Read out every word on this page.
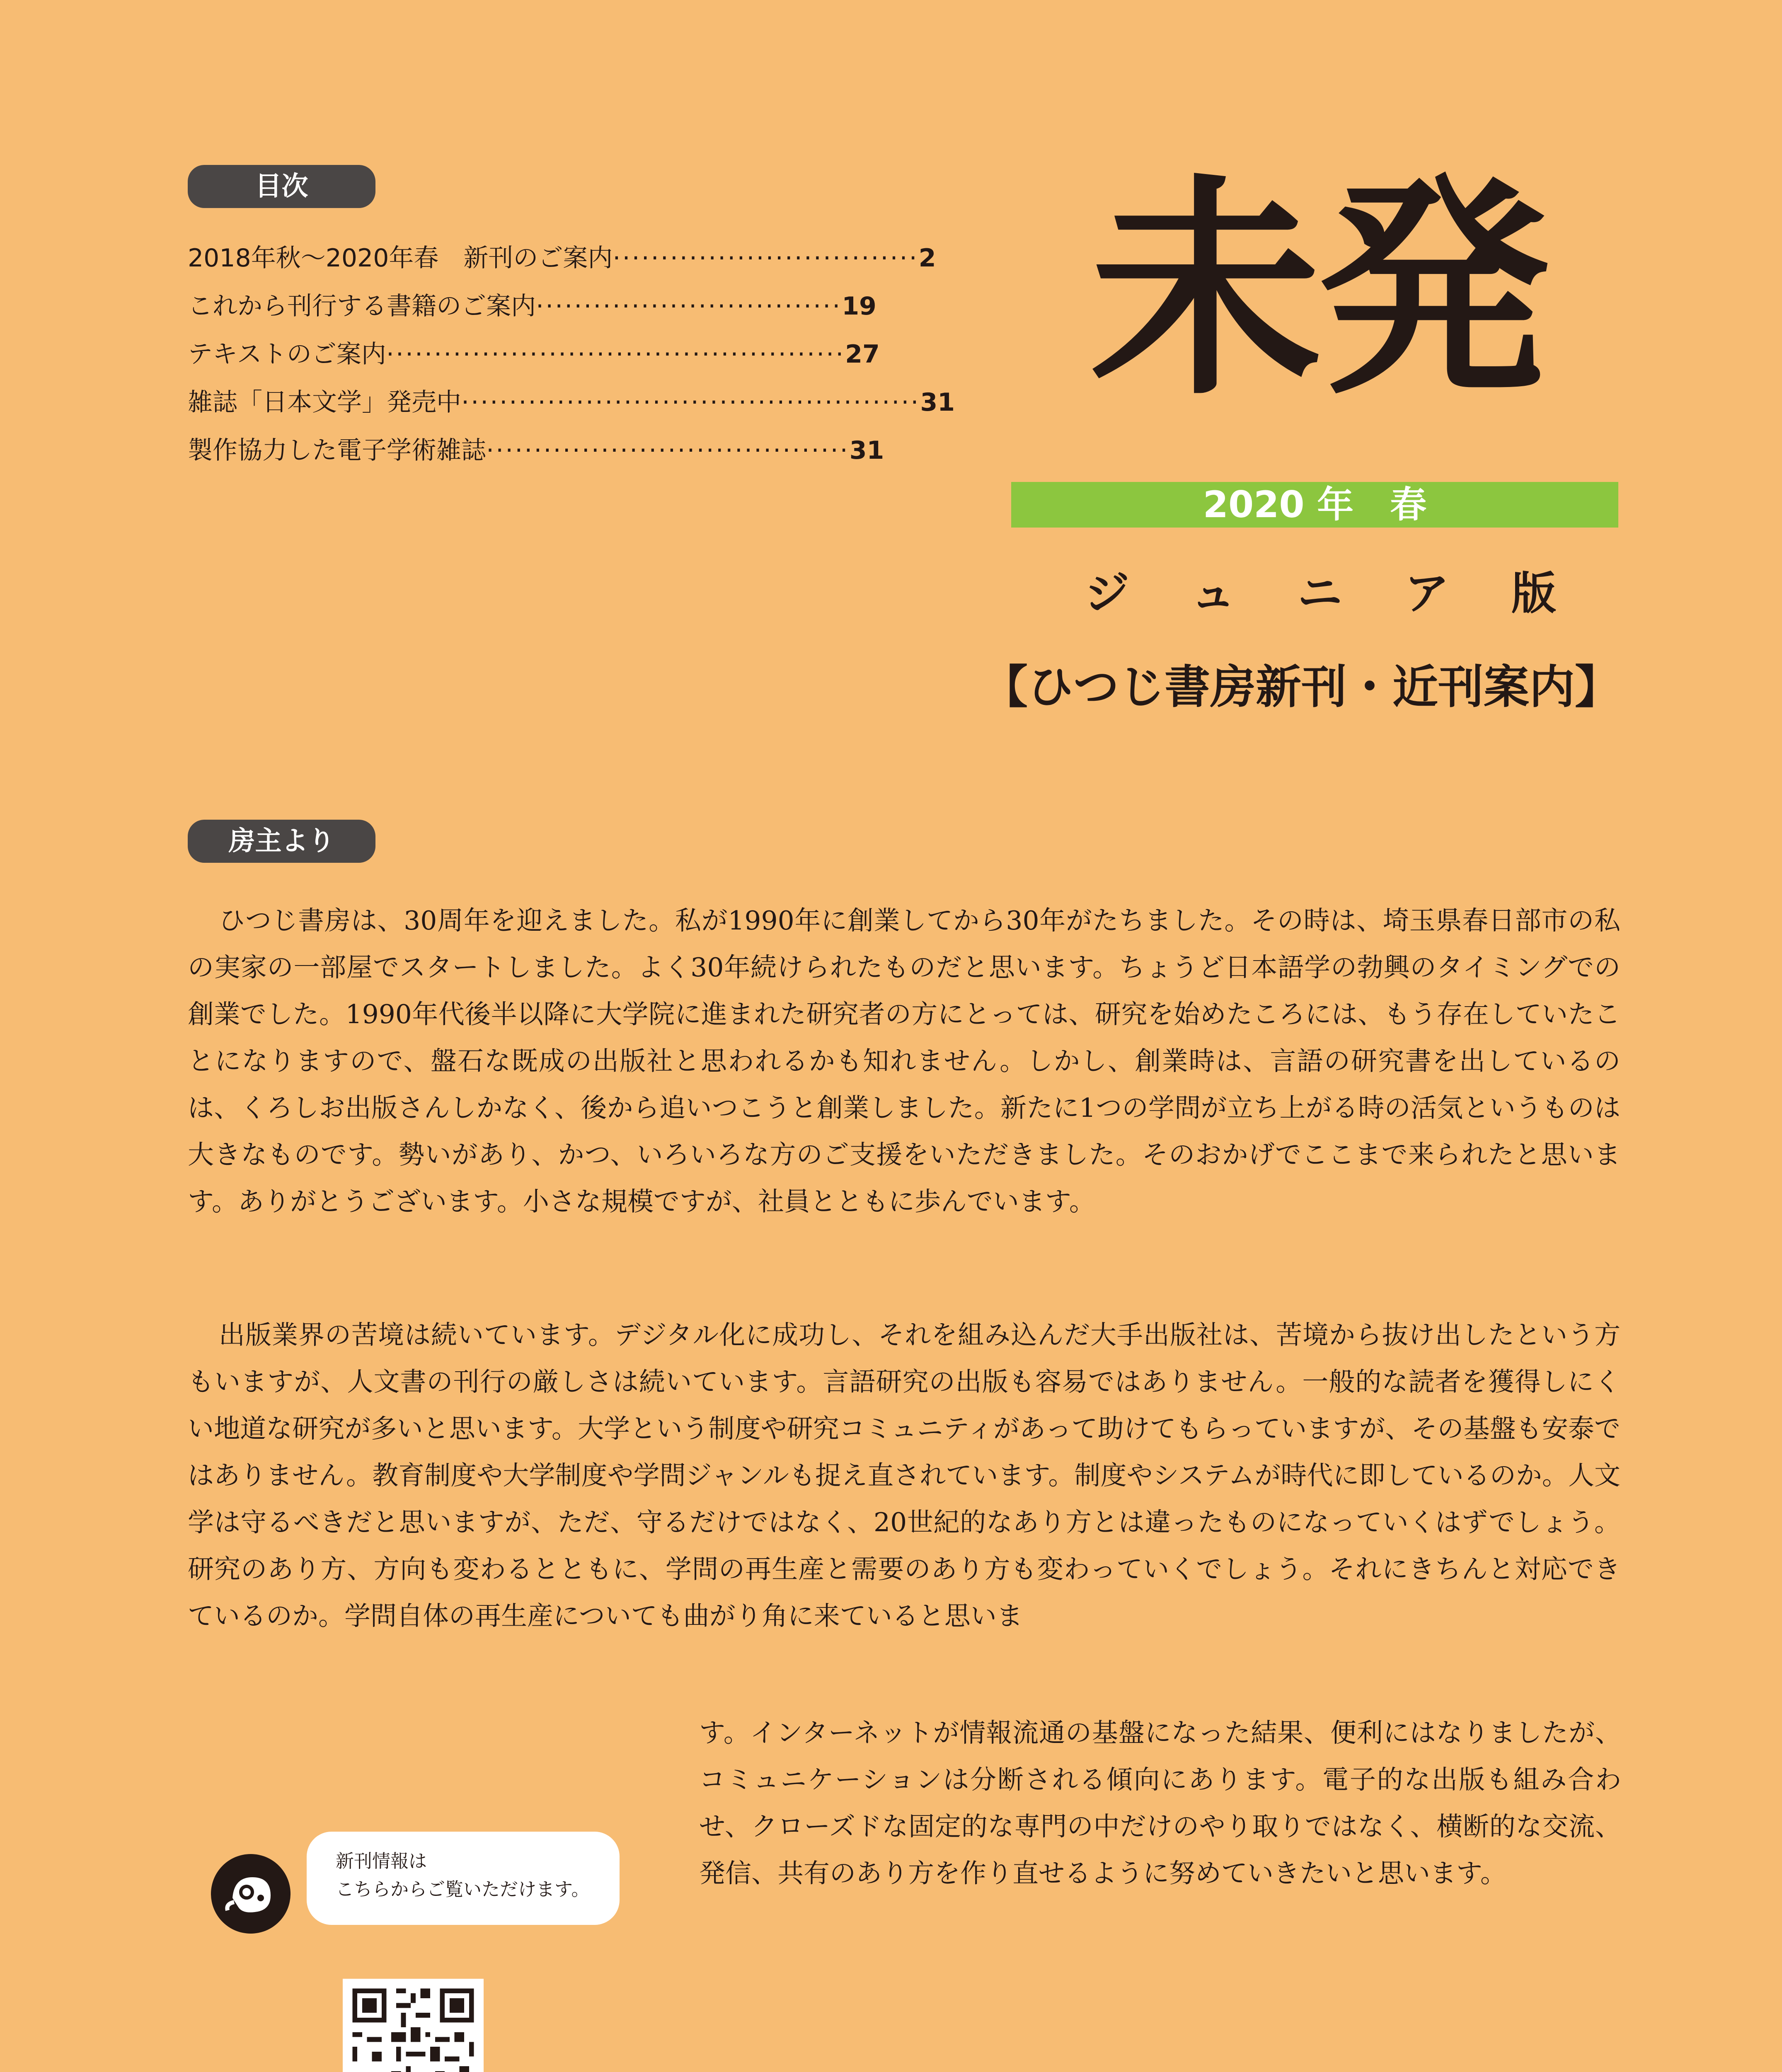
目次
2018年秋〜2020年春　新刊のご案内 ································ 2
これから刊行する書籍のご案内 ································ 19
テキストのご案内 ················································ 27
雑誌「日本文学」発売中 ················································ 31
製作協力した電子学術雑誌 ······································ 31
未発
2020 年　春
ジュニア版
【ひつじ書房新刊・近刊案内】
房主より
ひつじ書房は、30周年を迎えました。私が1990年に創業してから30年がたちました。その時は、埼玉県春日部市の私の実家の一部屋でスタートしました。よく30年続けられたものだと思います。ちょうど日本語学の勃興のタイミングでの創業でした。1990年代後半以降に大学院に進まれた研究者の方にとっては、研究を始めたころには、もう存在していたことになりますので、盤石な既成の出版社と思われるかも知れません。しかし、創業時は、言語の研究書を出しているのは、くろしお出版さんしかなく、後から追いつこうと創業しました。新たに1つの学問が立ち上がる時の活気というものは大きなものです。勢いがあり、かつ、いろいろな方のご支援をいただきました。そのおかげでここまで来られたと思います。ありがとうございます。小さな規模ですが、社員とともに歩んでいます。
出版業界の苦境は続いています。デジタル化に成功し、それを組み込んだ大手出版社は、苦境から抜け出したという方もいますが、人文書の刊行の厳しさは続いています。言語研究の出版も容易ではありません。一般的な読者を獲得しにくい地道な研究が多いと思います。大学という制度や研究コミュニティがあって助けてもらっていますが、その基盤も安泰ではありません。教育制度や大学制度や学問ジャンルも捉え直されています。制度やシステムが時代に即しているのか。人文学は守るべきだと思いますが、ただ、守るだけではなく、20世紀的なあり方とは違ったものになっていくはずでしょう。研究のあり方、方向も変わるとともに、学問の再生産と需要のあり方も変わっていくでしょう。それにきちんと対応できているのか。学問自体の再生産についても曲がり角に来ていると思いま
す。インターネットが情報流通の基盤になった結果、便利にはなりましたが、コミュニケーションは分断される傾向にあります。電子的な出版も組み合わせ、クローズドな固定的な専門の中だけのやり取りではなく、横断的な交流、発信、共有のあり方を作り直せるように努めていきたいと思います。
新刊情報は
こちらからご覧いただけます。
